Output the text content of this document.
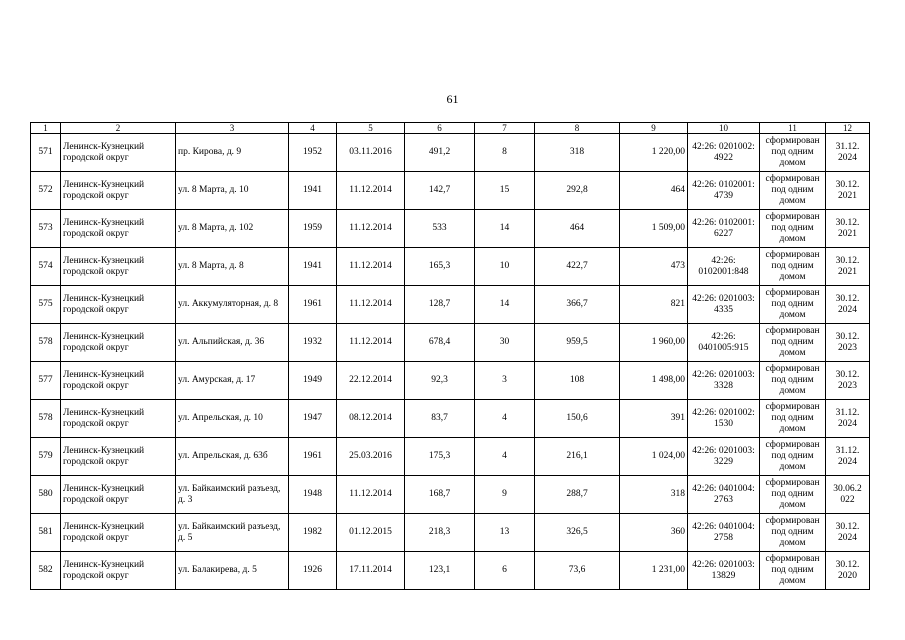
61
1	2	3	4	5	6	7	8	9	10	11	12
571	Ленинск-Кузнецкий городской округ	пр. Кирова, д. 9	1952	03.11.2016	491,2	8	318	1 220,00	42:26: 0201002: 4922	сформирован под одним домом	31.12. 2024
572	Ленинск-Кузнецкий городской округ	ул. 8 Марта, д. 10	1941	11.12.2014	142,7	15	292,8	464	42:26: 0102001: 4739	сформирован под одним домом	30.12. 2021
573	Ленинск-Кузнецкий городской округ	ул. 8 Марта, д. 102	1959	11.12.2014	533	14	464	1 509,00	42:26: 0102001: 6227	сформирован под одним домом	30.12. 2021
574	Ленинск-Кузнецкий городской округ	ул. 8 Марта, д. 8	1941	11.12.2014	165,3	10	422,7	473	42:26: 0102001:848	сформирован под одним домом	30.12. 2021
575	Ленинск-Кузнецкий городской округ	ул. Аккумуляторная, д. 8	1961	11.12.2014	128,7	14	366,7	821	42:26: 0201003: 4335	сформирован под одним домом	30.12. 2024
578	Ленинск-Кузнецкий городской округ	ул. Альпийская, д. 36	1932	11.12.2014	678,4	30	959,5	1 960,00	42:26: 0401005:915	сформирован под одним домом	30.12. 2023
577	Ленинск-Кузнецкий городской округ	ул. Амурская, д. 17	1949	22.12.2014	92,3	3	108	1 498,00	42:26: 0201003: 3328	сформирован под одним домом	30.12. 2023
578	Ленинск-Кузнецкий городской округ	ул. Апрельская, д. 10	1947	08.12.2014	83,7	4	150,6	391	42:26: 0201002: 1530	сформирован под одним домом	31.12. 2024
579	Ленинск-Кузнецкий городской округ	ул. Апрельская, д. 63б	1961	25.03.2016	175,3	4	216,1	1 024,00	42:26: 0201003: 3229	сформирован под одним домом	31.12. 2024
580	Ленинск-Кузнецкий городской округ	ул. Байкаимский разъезд, д. 3	1948	11.12.2014	168,7	9	288,7	318	42:26: 0401004: 2763	сформирован под одним домом	30.06.2 022
581	Ленинск-Кузнецкий городской округ	ул. Байкаимский разъезд, д. 5	1982	01.12.2015	218,3	13	326,5	360	42:26: 0401004: 2758	сформирован под одним домом	30.12. 2024
582	Ленинск-Кузнецкий городской округ	ул. Балакирева, д. 5	1926	17.11.2014	123,1	6	73,6	1 231,00	42:26: 0201003: 13829	сформирован под одним домом	30.12. 2020
